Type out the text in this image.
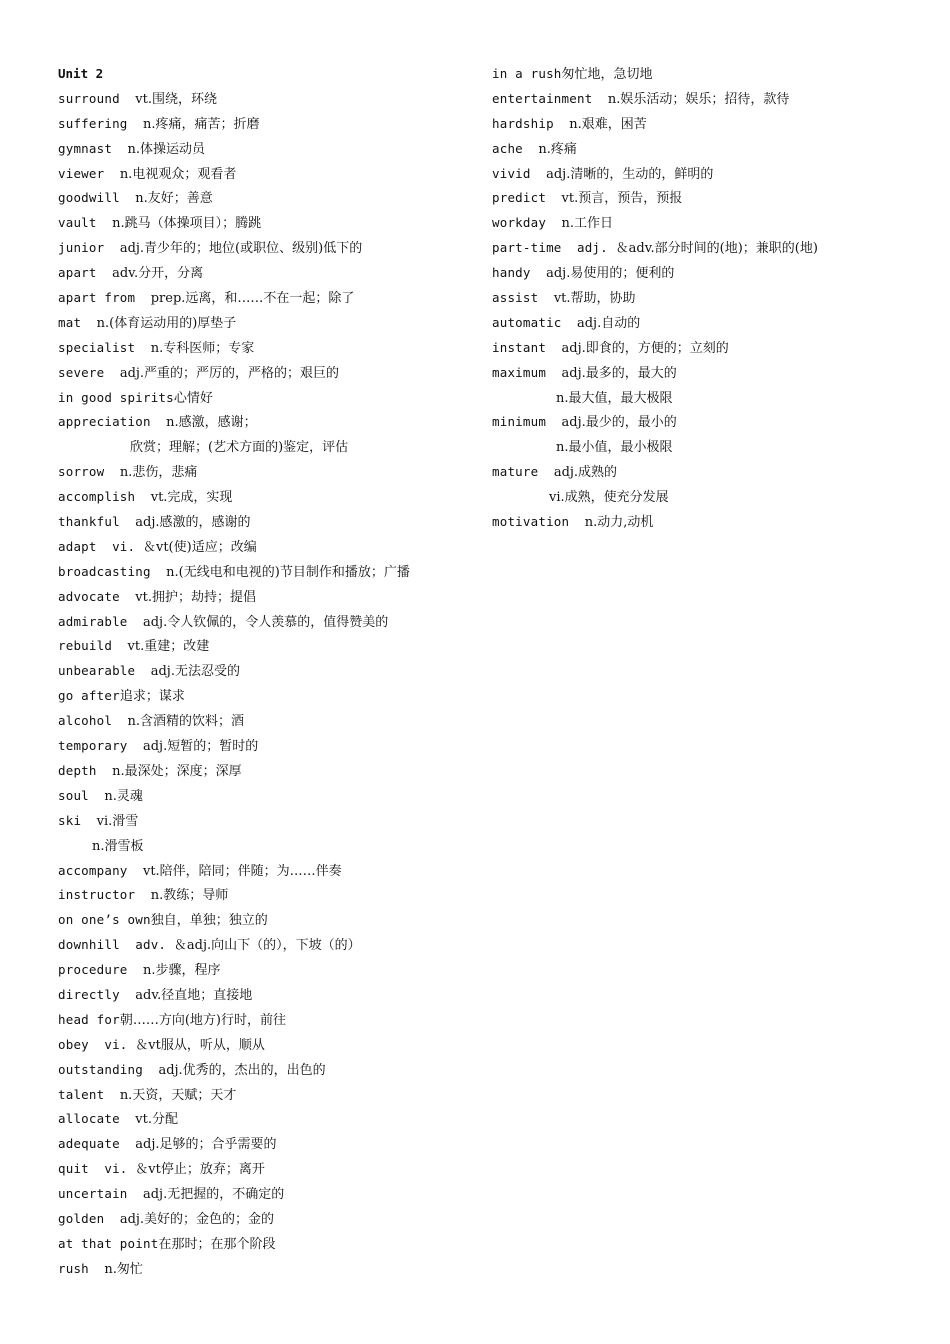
Unit 2
surround  vt.围绕，环绕
suffering  n.疼痛，痛苦；折磨
gymnast  n.体操运动员
viewer  n.电视观众；观看者
goodwill  n.友好；善意
vault  n.跳马（体操项目）；腾跳
junior  adj.青少年的；地位(或职位、级别)低下的
apart  adv.分开，分离
apart from  prep.远离，和……不在一起；除了
mat  n.(体育运动用的)厚垫子
specialist  n.专科医师；专家
severe  adj.严重的；严厉的，严格的；艰巨的
in good spirits心情好
appreciation  n.感激，感谢；
欣赏；理解；(艺术方面的)鉴定，评估
sorrow  n.悲伤，悲痛
accomplish  vt.完成，实现
thankful  adj.感激的，感谢的
adapt  vi. ＆vt(使)适应；改编
broadcasting  n.(无线电和电视的)节目制作和播放；广播
advocate  vt.拥护；劫持；提倡
admirable  adj.令人钦佩的，令人羡慕的，值得赞美的
rebuild  vt.重建；改建
unbearable  adj.无法忍受的
go after追求；谋求
alcohol  n.含酒精的饮料；酒
temporary  adj.短暂的；暂时的
depth  n.最深处；深度；深厚
soul  n.灵魂
ski  vi.滑雪
n.滑雪板
accompany  vt.陪伴，陪同；伴随；为……伴奏
instructor  n.教练；导师
on one’s own独自，单独；独立的
downhill  adv. ＆adj.向山下（的），下坡（的）
procedure  n.步骤，程序
directly  adv.径直地；直接地
head for朝……方向(地方)行时，前往
obey  vi. ＆vt服从，听从，顺从
outstanding  adj.优秀的，杰出的，出色的
talent  n.天资，天赋；天才
allocate  vt.分配
adequate  adj.足够的；合乎需要的
quit  vi. ＆vt停止；放弃；离开
uncertain  adj.无把握的，不确定的
golden  adj.美好的；金色的；金的
at that point在那时；在那个阶段
rush  n.匆忙
in a rush匆忙地，急切地
entertainment  n.娱乐活动；娱乐；招待，款待
hardship  n.艰难，困苦
ache  n.疼痛
vivid  adj.清晰的，生动的，鲜明的
predict  vt.预言，预告，预报
workday  n.工作日
part-time  adj. ＆adv.部分时间的(地)；兼职的(地)
handy  adj.易使用的；便利的
assist  vt.帮助，协助
automatic  adj.自动的
instant  adj.即食的，方便的；立刻的
maximum  adj.最多的，最大的
n.最大值，最大极限
minimum  adj.最少的，最小的
n.最小值，最小极限
mature  adj.成熟的
vi.成熟，使充分发展
motivation  n.动力,动机
